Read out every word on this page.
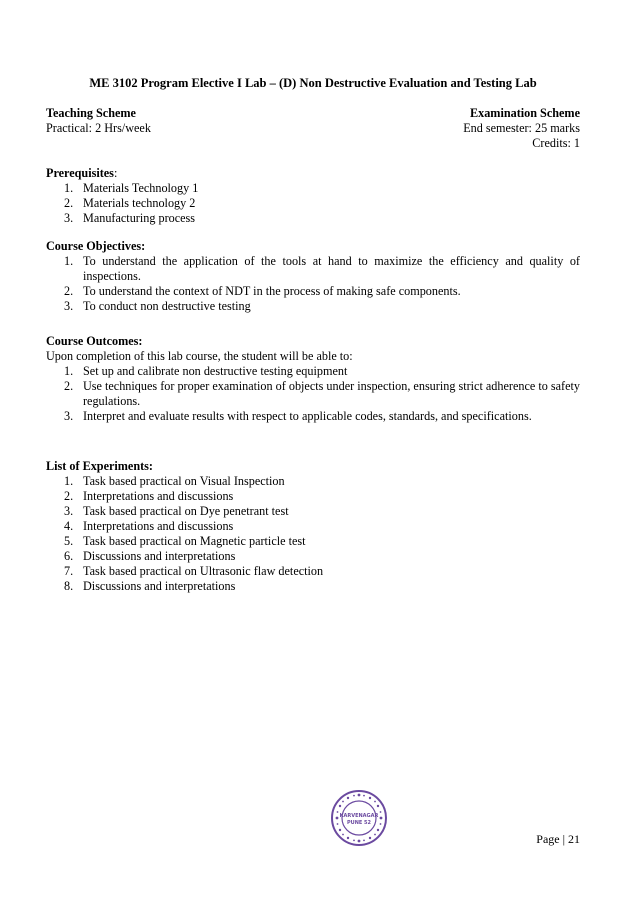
ME 3102 Program Elective I Lab – (D) Non Destructive Evaluation and Testing Lab
Teaching Scheme	Examination Scheme
Practical: 2 Hrs/week	End semester: 25 marks
Credits: 1
Prerequisites:
1. Materials Technology 1
2. Materials technology 2
3. Manufacturing process
Course Objectives:
1. To understand the application of the tools at hand to maximize the efficiency and quality of inspections.
2. To understand the context of NDT in the process of making safe components.
3. To conduct non destructive testing
Course Outcomes:
Upon completion of this lab course, the student will be able to:
1. Set up and calibrate non destructive testing equipment
2. Use techniques for proper examination of objects under inspection, ensuring strict adherence to safety regulations.
3. Interpret and evaluate results with respect to applicable codes, standards, and specifications.
List of Experiments:
1. Task based practical on Visual Inspection
2. Interpretations and discussions
3. Task based practical on Dye penetrant test
4. Interpretations and discussions
5. Task based practical on Magnetic particle test
6. Discussions and interpretations
7. Task based practical on Ultrasonic flaw detection
8. Discussions and interpretations
KARVENAGAR
PUNE 52
Page | 21
